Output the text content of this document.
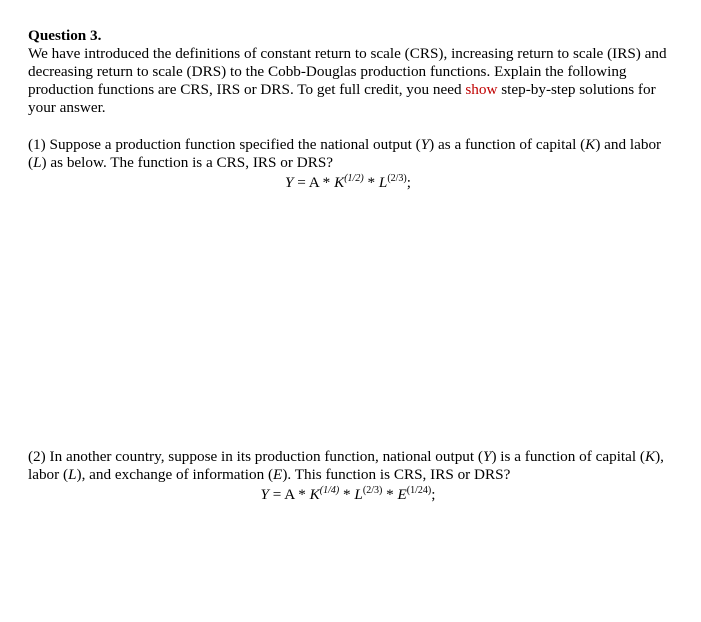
Question 3.

We have introduced the definitions of constant return to scale (CRS), increasing return to scale (IRS) and decreasing return to scale (DRS) to the Cobb-Douglas production functions. Explain the following production functions are CRS, IRS or DRS. To get full credit, you need show step-by-step solutions for your answer.

(1) Suppose a production function specified the national output (Y) as a function of capital (K) and labor (L) as below. The function is a CRS, IRS or DRS?

$Y = A * K^{(1/2)} * L^{(2/3)}$;

(2) In another country, suppose in its production function, national output (Y) is a function of capital (K), labor (L), and exchange of information (E). This function is CRS, IRS or DRS?

$Y = A * K^{(1/4)} * L^{(2/3)} * E^{(1/24)}$;
